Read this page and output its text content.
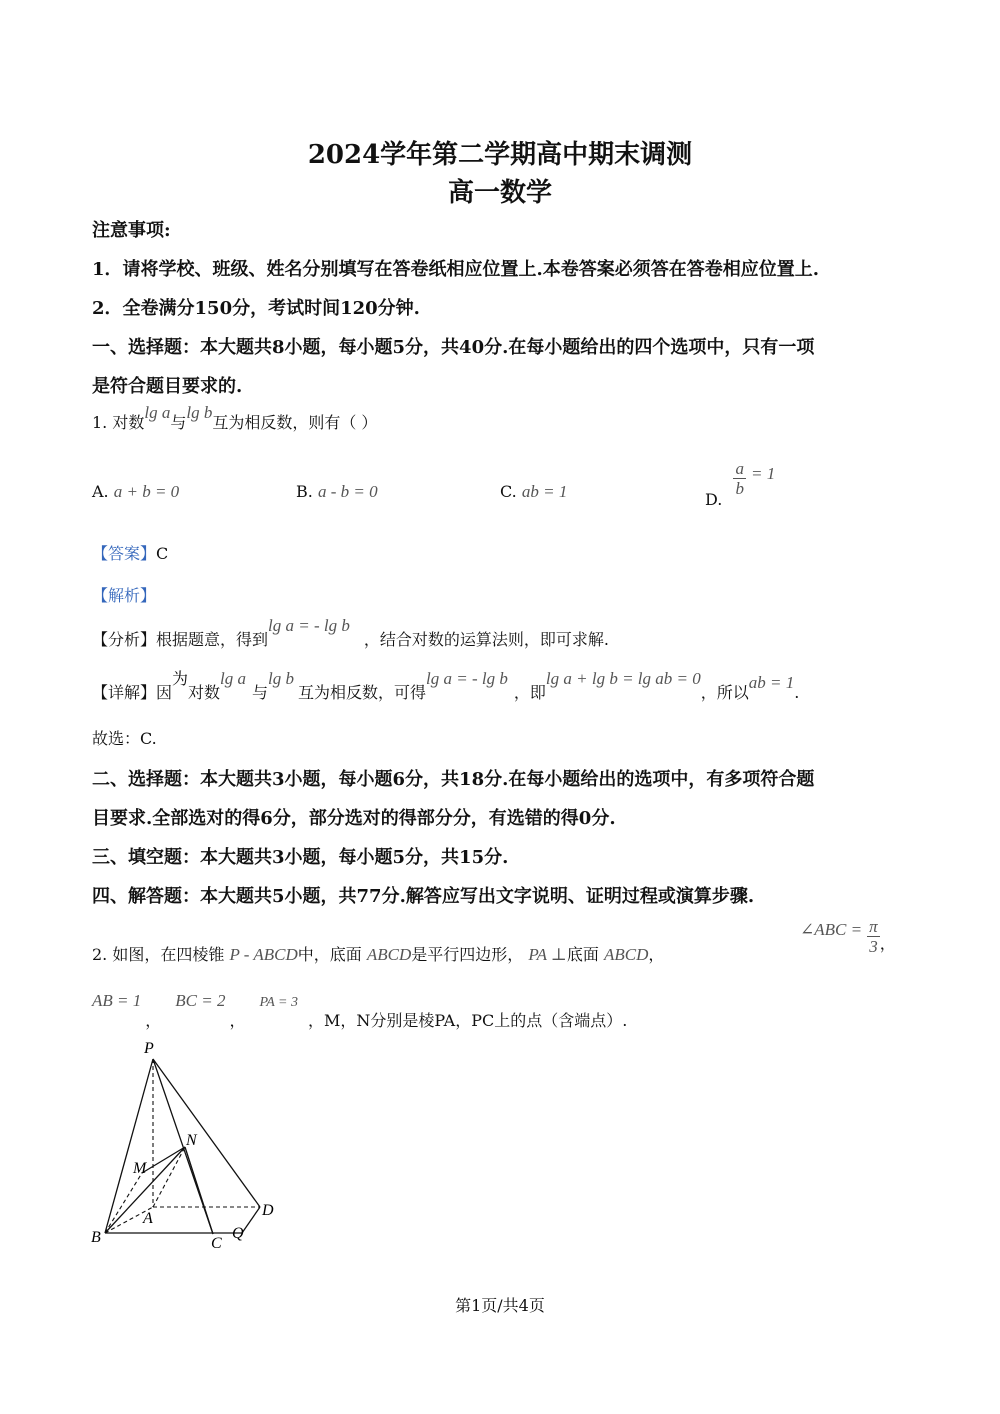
2024学年第二学期高中期末调测
高一数学
注意事项:
1．请将学校、班级、姓名分别填写在答卷纸相应位置上.本卷答案必须答在答卷相应位置上.
2．全卷满分150分，考试时间120分钟.
一、选择题：本大题共8小题，每小题5分，共40分.在每小题给出的四个选项中，只有一项
是符合题目要求的.
1. 对数lg a与lg b互为相反数，则有（ ）
A. a + b = 0	B. a - b = 0	C. ab = 1	D.
$\frac{a}{b} = 1$
【答案】C
【解析】
【分析】根据题意，得到lg a = - lg b，结合对数的运算法则，即可求解.
【详解】因为对数lg a与lg b互为相反数，可得lg a = - lg b，即lg a + lg b = lg ab = 0，所以ab = 1.
故选：C.
二、选择题：本大题共3小题，每小题6分，共18分.在每小题给出的选项中，有多项符合题
目要求.全部选对的得6分，部分选对的得部分分，有选错的得0分.
三、填空题：本大题共3小题，每小题5分，共15分.
四、解答题：本大题共5小题，共77分.解答应写出文字说明、证明过程或演算步骤.
2. 如图，在四棱锥 P - ABCD中，底面 ABCD是平行四边形， PA ⊥底面 ABCD，
∠ABC = $\frac{\pi}{3}$ ，
AB = 1，BC = 2，PA = 3，M，N分别是棱PA，PC上的点（含端点）.
P
M
N
A
B	C
D
Q
第1页/共4页
